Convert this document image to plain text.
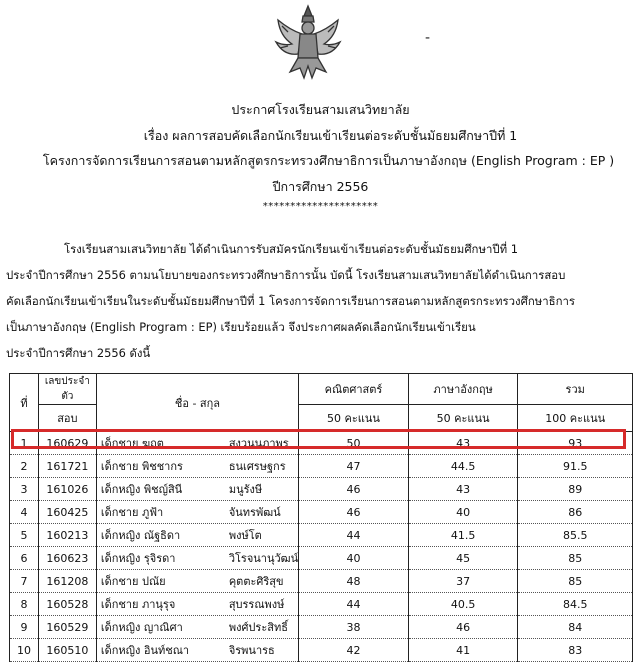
-
ประกาศโรงเรียนสามเสนวิทยาลัย
เรื่อง ผลการสอบคัดเลือกนักเรียนเข้าเรียนต่อระดับชั้นมัธยมศึกษาปีที่ 1
โครงการจัดการเรียนการสอนตามหลักสูตรกระทรวงศึกษาธิการเป็นภาษาอังกฤษ (English Program : EP )
ปีการศึกษา 2556
*********************
โรงเรียนสามเสนวิทยาลัย ได้ดำเนินการรับสมัครนักเรียนเข้าเรียนต่อระดับชั้นมัธยมศึกษาปีที่ 1
ประจำปีการศึกษา 2556 ตามนโยบายของกระทรวงศึกษาธิการนั้น บัดนี้ โรงเรียนสามเสนวิทยาลัยได้ดำเนินการสอบ
คัดเลือกนักเรียนเข้าเรียนในระดับชั้นมัธยมศึกษาปีที่ 1 โครงการจัดการเรียนการสอนตามหลักสูตรกระทรวงศึกษาธิการ
เป็นภาษาอังกฤษ (English Program : EP) เรียบร้อยแล้ว จึงประกาศผลคัดเลือกนักเรียนเข้าเรียน
ประจำปีการศึกษา 2556 ดังนี้
ที่	เลขประจำตัว	ชื่อ - สกุล	คณิตศาสตร์	ภาษาอังกฤษ	รวม
	สอบ		50 คะแนน	50 คะแนน	100 คะแนน
1	160629	เด็กชาย ฆฤต สงวนนภาพร	50	43	93
2	161721	เด็กชาย พิชชากร ธนเศรษฐกร	47	44.5	91.5
3	161026	เด็กหญิง พิชญ์สินี มนูรังษี	46	43	89
4	160425	เด็กชาย ภูฟ้า จันทรพัฒน์	46	40	86
5	160213	เด็กหญิง ณัฐธิดา พงษ์โต	44	41.5	85.5
6	160623	เด็กหญิง รุจิรดา วิโรจนานุวัฒน์	40	45	85
7	161208	เด็กชาย ปณัย คุตตะศิริสุข	48	37	85
8	160528	เด็กชาย ภานุรุจ สุบรรณพงษ์	44	40.5	84.5
9	160529	เด็กหญิง ญาณิศา พงศ์ประสิทธิ์	38	46	84
10	160510	เด็กหญิง อินท์ชณา จิรพนารธ	42	41	83
